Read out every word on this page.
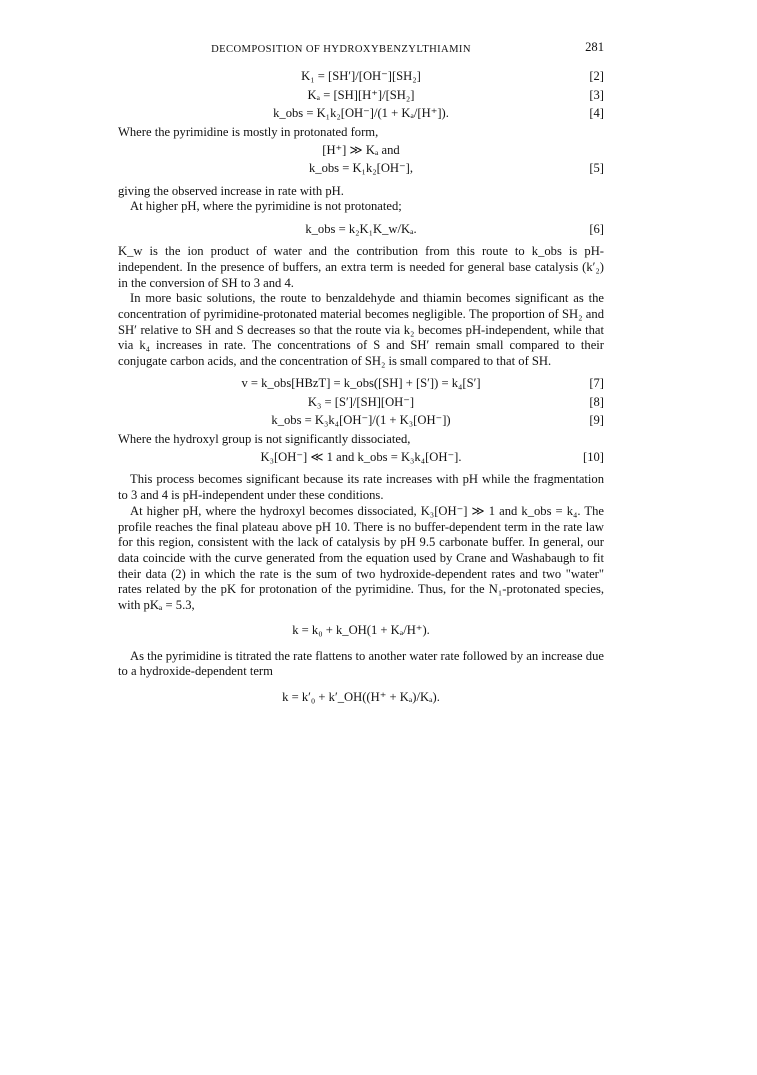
DECOMPOSITION OF HYDROXYBENZYLTHIAMIN	281
K₁ = [SH′]/[OH⁻][SH₂]	[2]
Kₐ = [SH][H⁺]/[SH₂]	[3]
k_obs = K₁k₂[OH⁻]/(1 + Kₐ/[H⁺]).	[4]

Where the pyrimidine is mostly in protonated form,

[H⁺] ≫ Kₐ and
k_obs = K₁k₂[OH⁻],	[5]

giving the observed increase in rate with pH.

At higher pH, where the pyrimidine is not protonated;

k_obs = k₂K₁K_w/Kₐ.	[6]

K_w is the ion product of water and the contribution from this route to k_obs is pH-independent. In the presence of buffers, an extra term is needed for general base catalysis (k′₂) in the conversion of SH to 3 and 4.

In more basic solutions, the route to benzaldehyde and thiamin becomes significant as the concentration of pyrimidine-protonated material becomes negligible. The proportion of SH₂ and SH′ relative to SH and S decreases so that the route via k₂ becomes pH-independent, while that via k₄ increases in rate. The concentrations of S and SH′ remain small compared to their conjugate carbon acids, and the concentration of SH₂ is small compared to that of SH.

v = k_obs[HBzT] = k_obs([SH] + [S′]) = k₄[S′]	[7]
K₃ = [S′]/[SH][OH⁻]	[8]
k_obs = K₃k₄[OH⁻]/(1 + K₃[OH⁻])	[9]

Where the hydroxyl group is not significantly dissociated,

K₃[OH⁻] ≪ 1 and k_obs = K₃k₄[OH⁻].	[10]

This process becomes significant because its rate increases with pH while the fragmentation to 3 and 4 is pH-independent under these conditions.

At higher pH, where the hydroxyl becomes dissociated, K₃[OH⁻] ≫ 1 and k_obs = k₄. The profile reaches the final plateau above pH 10. There is no buffer-dependent term in the rate law for this region, consistent with the lack of catalysis by pH 9.5 carbonate buffer. In general, our data coincide with the curve generated from the equation used by Crane and Washabaugh to fit their data (2) in which the rate is the sum of two hydroxide-dependent rates and two "water" rates related by the pK for protonation of the pyrimidine. Thus, for the N₁-protonated species, with pKₐ = 5.3,

k = k₀ + k_OH(1 + Kₐ/H⁺).

As the pyrimidine is titrated the rate flattens to another water rate followed by an increase due to a hydroxide-dependent term

k = k′₀ + k′_OH((H⁺ + Kₐ)/Kₐ).
